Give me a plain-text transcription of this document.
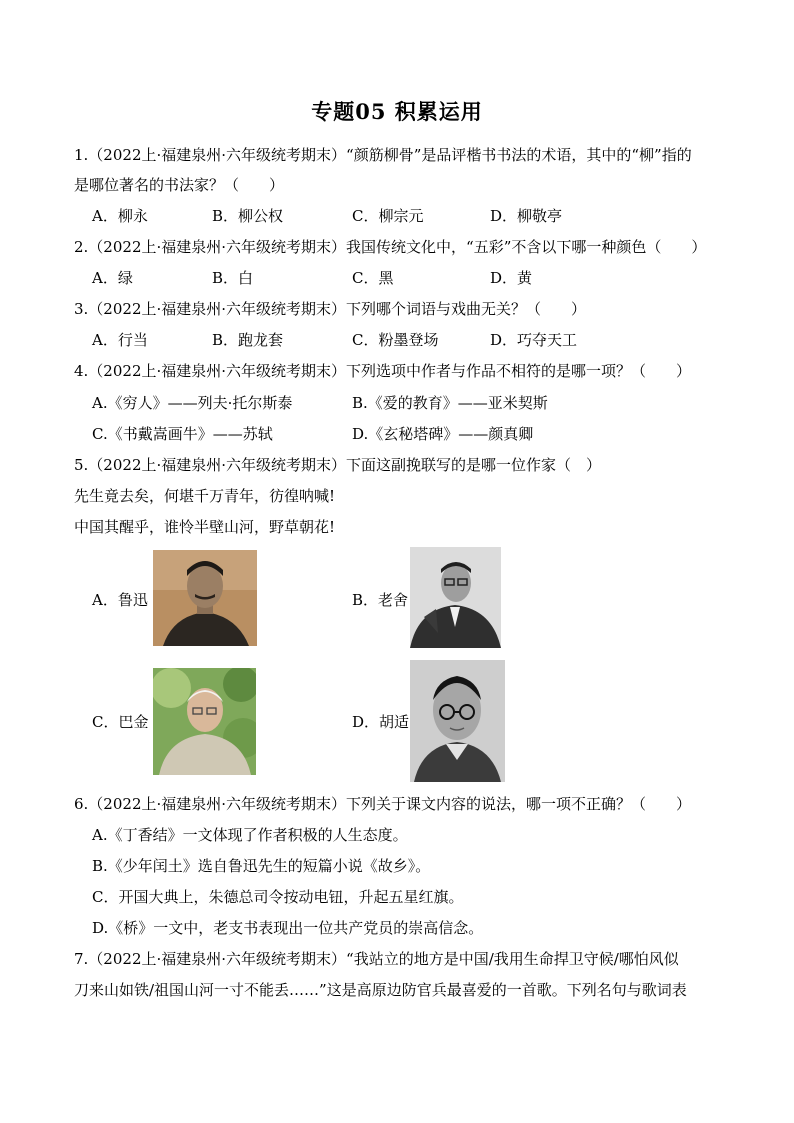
专题05 积累运用
1.（2022上·福建泉州·六年级统考期末）“颜筋柳骨”是品评楷书书法的术语，其中的“柳”指的
是哪位著名的书法家？（　　）
A．柳永	B．柳公权	C．柳宗元	D．柳敬亭
2.（2022上·福建泉州·六年级统考期末）我国传统文化中，“五彩”不含以下哪一种颜色（　　）
A．绿	B．白	C．黑	D．黄
3.（2022上·福建泉州·六年级统考期末）下列哪个词语与戏曲无关？（　　）
A．行当	B．跑龙套	C．粉墨登场	D．巧夺天工
4.（2022上·福建泉州·六年级统考期末）下列选项中作者与作品不相符的是哪一项？（　　）
A.《穷人》——列夫·托尔斯泰	B.《爱的教育》——亚米契斯
C.《书戴嵩画牛》——苏轼	D.《玄秘塔碑》——颜真卿
5.（2022上·福建泉州·六年级统考期末）下面这副挽联写的是哪一位作家（　）
先生竟去矣，何堪千万青年，彷徨呐喊!
中国其醒乎，谁怜半壁山河，野草朝花!
A．鲁迅	B．老舍
C．巴金	D．胡适
6.（2022上·福建泉州·六年级统考期末）下列关于课文内容的说法，哪一项不正确？（　　）
A.《丁香结》一文体现了作者积极的人生态度。
B.《少年闰土》选自鲁迅先生的短篇小说《故乡》。
C．开国大典上，朱德总司令按动电钮，升起五星红旗。
D.《桥》一文中，老支书表现出一位共产党员的崇高信念。
7.（2022上·福建泉州·六年级统考期末）“我站立的地方是中国/我用生命捍卫守候/哪怕风似
刀来山如铁/祖国山河一寸不能丢……”这是高原边防官兵最喜爱的一首歌。下列名句与歌词表
